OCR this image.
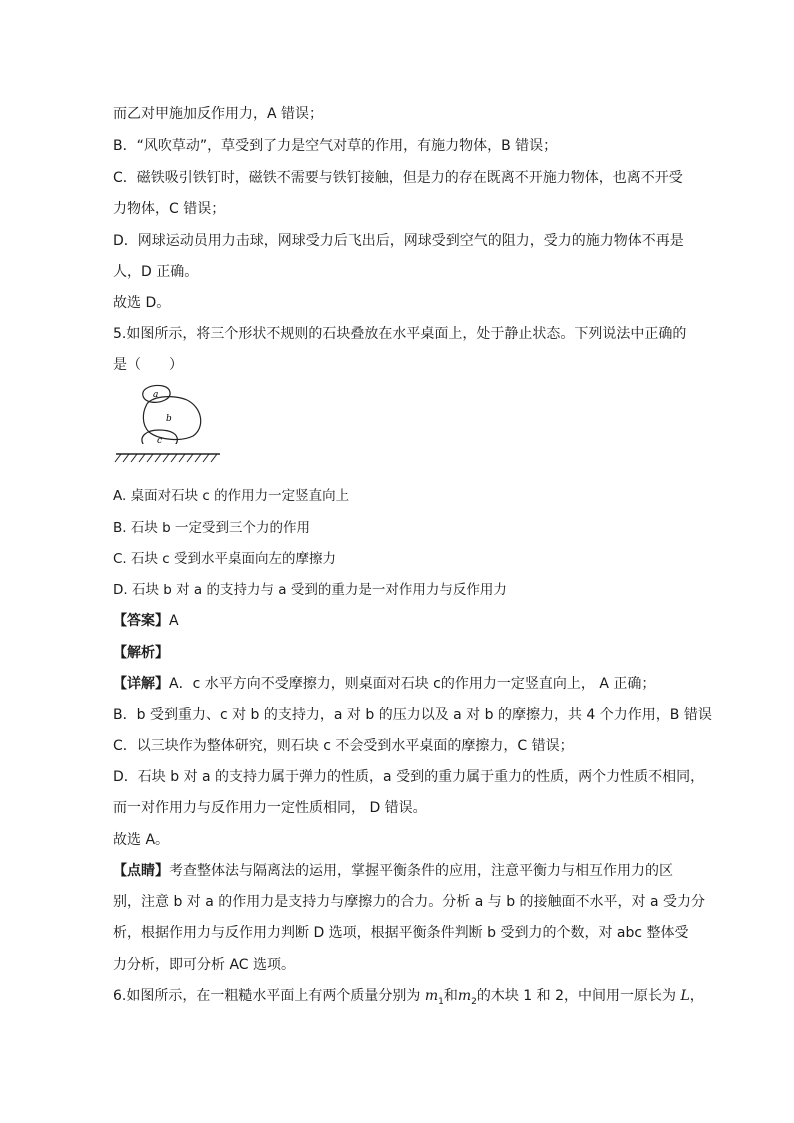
而乙对甲施加反作用力，A 错误；
B．“风吹草动”，草受到了力是空气对草的作用，有施力物体，B 错误；
C．磁铁吸引铁钉时，磁铁不需要与铁钉接触，但是力的存在既离不开施力物体，也离不开受
力物体，C 错误；
D．网球运动员用力击球，网球受力后飞出后，网球受到空气的阻力，受力的施力物体不再是
人，D 正确。
故选 D。
5.如图所示，将三个形状不规则的石块叠放在水平桌面上，处于静止状态。下列说法中正确的
是（　　）
a
b
c
A. 桌面对石块 c 的作用力一定竖直向上
B. 石块 b 一定受到三个力的作用
C. 石块 c 受到水平桌面向左的摩擦力
D. 石块 b 对 a 的支持力与 a 受到的重力是一对作用力与反作用力
【答案】A
【解析】
【详解】A．c 水平方向不受摩擦力，则桌面对石块 c的作用力一定竖直向上， A 正确；
B．b 受到重力、c 对 b 的支持力，a 对 b 的压力以及 a 对 b 的摩擦力，共 4 个力作用，B 错误
C．以三块作为整体研究，则石块 c 不会受到水平桌面的摩擦力，C 错误；
D．石块 b 对 a 的支持力属于弹力的性质，a 受到的重力属于重力的性质，两个力性质不相同，
而一对作用力与反作用力一定性质相同， D 错误。
故选 A。
【点睛】考查整体法与隔离法的运用，掌握平衡条件的应用，注意平衡力与相互作用力的区
别，注意 b 对 a 的作用力是支持力与摩擦力的合力。分析 a 与 b 的接触面不水平，对 a 受力分
析，根据作用力与反作用力判断 D 选项，根据平衡条件判断 b 受到力的个数，对 abc 整体受
力分析，即可分析 AC 选项。
6.如图所示，在一粗糙水平面上有两个质量分别为 $m_1$和$m_2$的木块 1 和 2，中间用一原长为 L，
